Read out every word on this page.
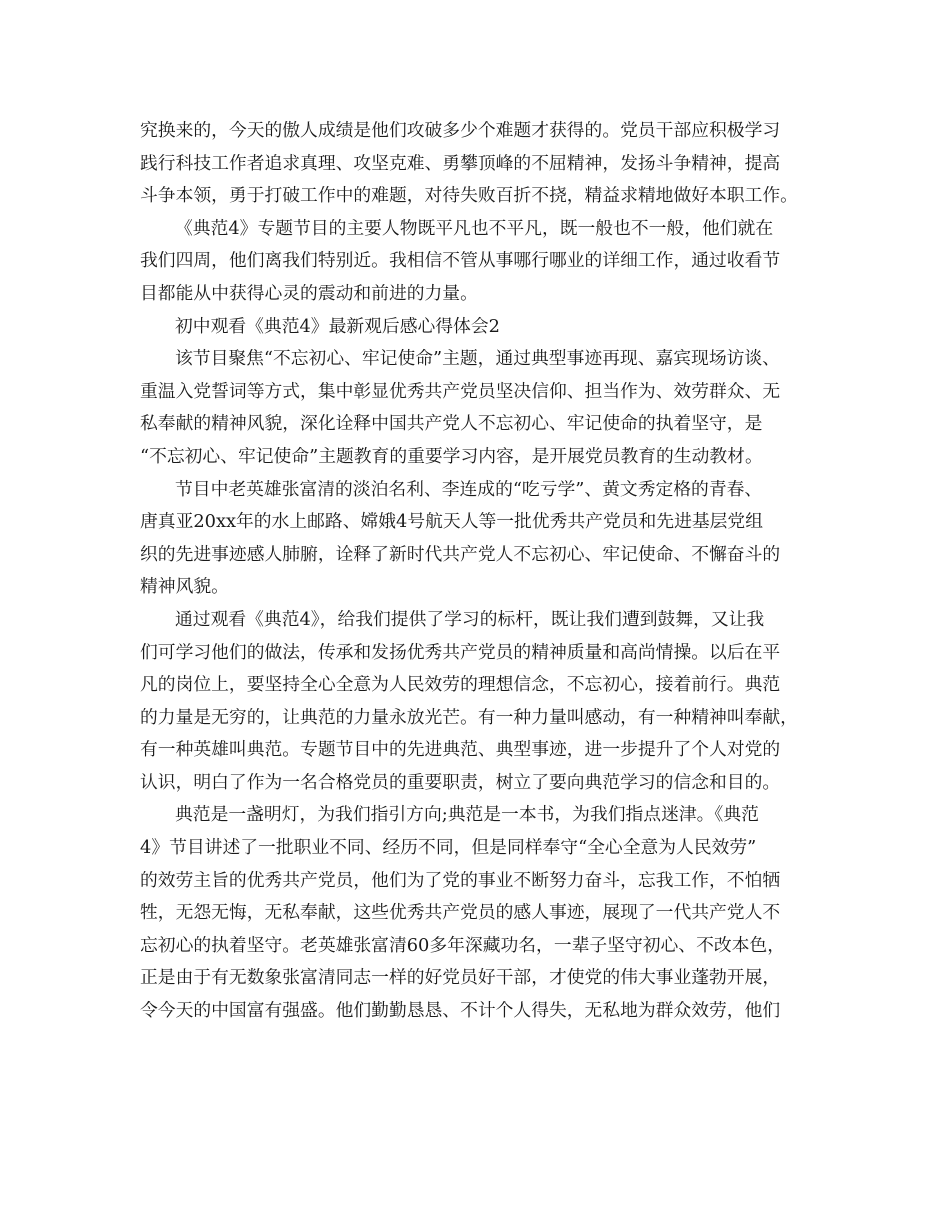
究换来的，今天的傲人成绩是他们攻破多少个难题才获得的。党员干部应积极学习
践行科技工作者追求真理、攻坚克难、勇攀顶峰的不屈精神，发扬斗争精神，提高
斗争本领，勇于打破工作中的难题，对待失败百折不挠，精益求精地做好本职工作。
《典范4》专题节目的主要人物既平凡也不平凡，既一般也不一般，他们就在
我们四周，他们离我们特别近。我相信不管从事哪行哪业的详细工作，通过收看节
目都能从中获得心灵的震动和前进的力量。
初中观看《典范4》最新观后感心得体会2
该节目聚焦“不忘初心、牢记使命”主题，通过典型事迹再现、嘉宾现场访谈、
重温入党誓词等方式，集中彰显优秀共产党员坚决信仰、担当作为、效劳群众、无
私奉献的精神风貌，深化诠释中国共产党人不忘初心、牢记使命的执着坚守，是
“不忘初心、牢记使命”主题教育的重要学习内容，是开展党员教育的生动教材。
节目中老英雄张富清的淡泊名利、李连成的“吃亏学”、黄文秀定格的青春、
唐真亚20xx年的水上邮路、嫦娥4号航天人等一批优秀共产党员和先进基层党组
织的先进事迹感人肺腑，诠释了新时代共产党人不忘初心、牢记使命、不懈奋斗的
精神风貌。
通过观看《典范4》，给我们提供了学习的标杆，既让我们遭到鼓舞，又让我
们可学习他们的做法，传承和发扬优秀共产党员的精神质量和高尚情操。以后在平
凡的岗位上，要坚持全心全意为人民效劳的理想信念，不忘初心，接着前行。典范
的力量是无穷的，让典范的力量永放光芒。有一种力量叫感动，有一种精神叫奉献，
有一种英雄叫典范。专题节目中的先进典范、典型事迹，进一步提升了个人对党的
认识，明白了作为一名合格党员的重要职责，树立了要向典范学习的信念和目的。
典范是一盏明灯，为我们指引方向;典范是一本书，为我们指点迷津。《典范
4》节目讲述了一批职业不同、经历不同，但是同样奉守“全心全意为人民效劳”
的效劳主旨的优秀共产党员，他们为了党的事业不断努力奋斗，忘我工作，不怕牺
牲，无怨无悔，无私奉献，这些优秀共产党员的感人事迹，展现了一代共产党人不
忘初心的执着坚守。老英雄张富清60多年深藏功名，一辈子坚守初心、不改本色，
正是由于有无数象张富清同志一样的好党员好干部，才使党的伟大事业蓬勃开展，
令今天的中国富有强盛。他们勤勤恳恳、不计个人得失，无私地为群众效劳，他们
